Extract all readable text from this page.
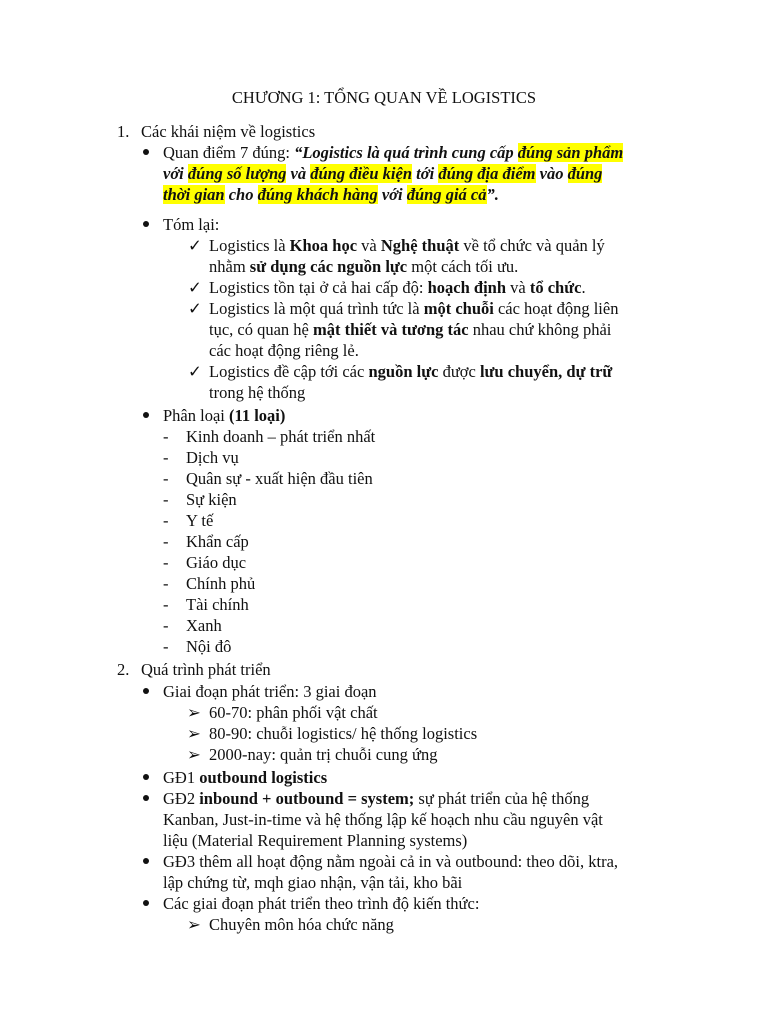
CHƯƠNG 1: TỔNG QUAN VỀ LOGISTICS
1. Các khái niệm về logistics
Quan điểm 7 đúng: “Logistics là quá trình cung cấp đúng sản phẩm
với đúng số lượng và đúng điều kiện tới đúng địa điểm vào đúng
thời gian cho đúng khách hàng với đúng giá cả”.
Tóm lại:
✓ Logistics là Khoa học và Nghệ thuật về tổ chức và quản lý
nhằm sử dụng các nguồn lực một cách tối ưu.
✓ Logistics tồn tại ở cả hai cấp độ: hoạch định và tổ chức.
✓ Logistics là một quá trình tức là một chuỗi các hoạt động liên
tục, có quan hệ mật thiết và tương tác nhau chứ không phải
các hoạt động riêng lẻ.
✓ Logistics đề cập tới các nguồn lực được lưu chuyển, dự trữ
trong hệ thống
Phân loại (11 loại)
- Kinh doanh – phát triển nhất
- Dịch vụ
- Quân sự - xuất hiện đầu tiên
- Sự kiện
- Y tế
- Khẩn cấp
- Giáo dục
- Chính phủ
- Tài chính
- Xanh
- Nội đô
2. Quá trình phát triển
Giai đoạn phát triển: 3 giai đoạn
➢ 60-70: phân phối vật chất
➢ 80-90: chuỗi logistics/ hệ thống logistics
➢ 2000-nay: quản trị chuỗi cung ứng
GĐ1 outbound logistics
GĐ2 inbound + outbound = system; sự phát triển của hệ thống
Kanban, Just-in-time và hệ thống lập kế hoạch nhu cầu nguyên vật
liệu (Material Requirement Planning systems)
GĐ3 thêm all hoạt động nằm ngoài cả in và outbound: theo dõi, ktra,
lập chứng từ, mqh giao nhận, vận tải, kho bãi
Các giai đoạn phát triển theo trình độ kiến thức:
➢ Chuyên môn hóa chức năng
